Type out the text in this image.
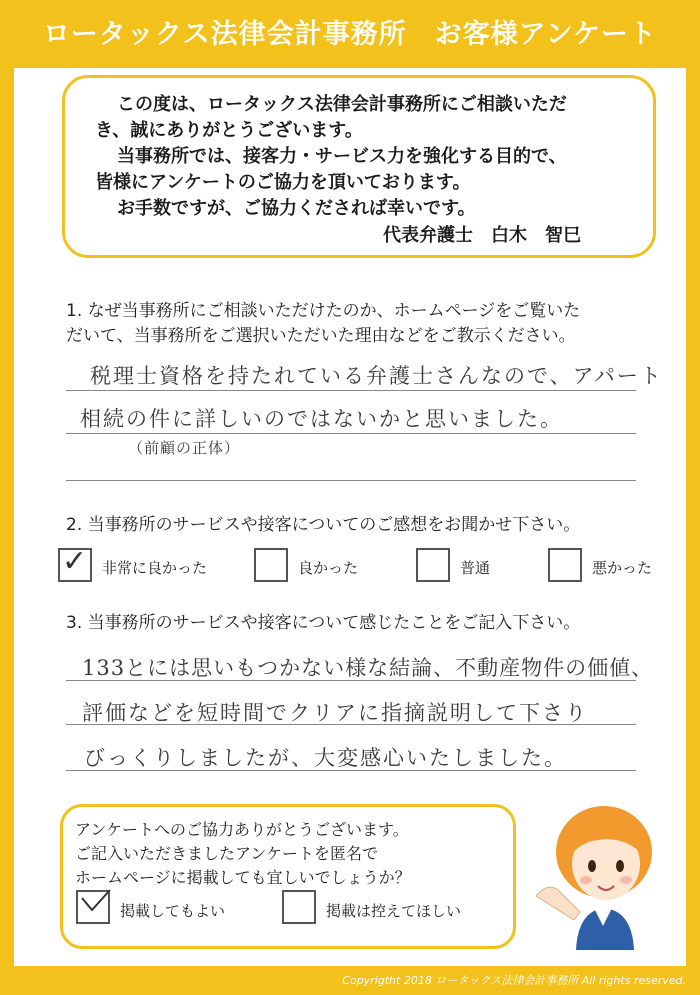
ロータックス法律会計事務所　お客様アンケート

この度は、ロータックス法律会計事務所にご相談いただ

き、誠にありがとうございます。

当事務所では、接客力・サービス力を強化する目的で、

皆様にアンケートのご協力を頂いております。

お手数ですが、ご協力くだされば幸いです。

代表弁護士　白木　智巳

1. なぜ当事務所にご相談いただけたのか、ホームページをご覧いた

だいて、当事務所をご選択いただいた理由などをご教示ください。

税理士資格を持たれている弁護士さんなので、アパート
相続の件に詳しいのではないかと思いました。
（前顧の正体）

2. 当事務所のサービスや接客についてのご感想をお聞かせ下さい。

✓ 非常に良かった	良かった	普通	悪かった

3. 当事務所のサービスや接客について感じたことをご記入下さい。

133とには思いもつかない様な結論、不動産物件の価値、
評価などを短時間でクリアに指摘説明して下さり
びっくりしましたが、大変感心いたしました。

アンケートへのご協力ありがとうございます。

ご記入いただきましたアンケートを匿名で

ホームページに掲載しても宜しいでしょうか？

掲載してもよい	掲載は控えてほしい
Copyrigtht 2018 ロータックス法律会計事務所 All rights reserved.
